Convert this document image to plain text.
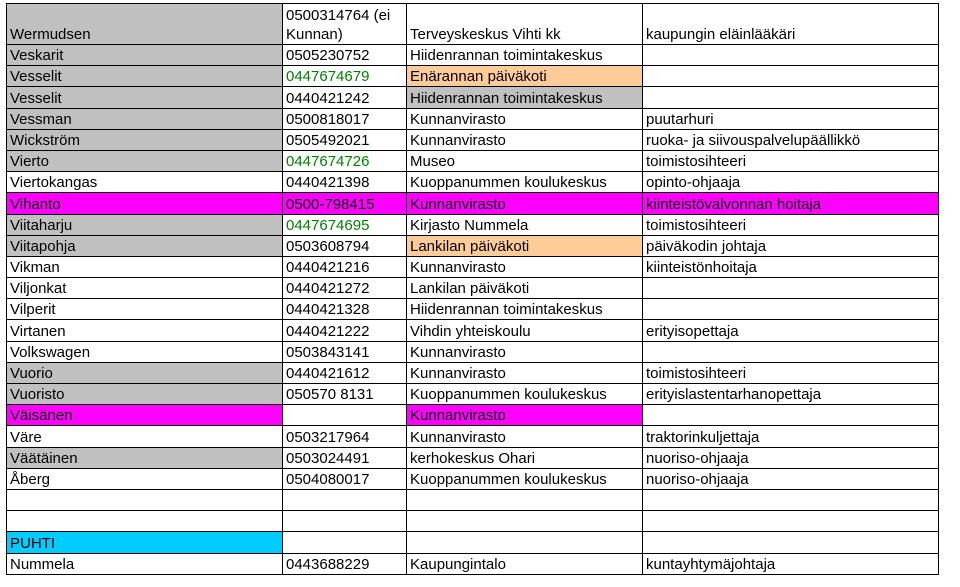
Wermudsen	0500314764 (ei Kunnan)	Terveyskeskus Vihti kk	kaupungin eläinlääkäri
Veskarit	0505230752	Hiidenrannan toimintakeskus	
Vesselit	0447674679	Enärannan päiväkoti	
Vesselit	0440421242	Hiidenrannan toimintakeskus	
Vessman	0500818017	Kunnanvirasto	puutarhuri
Wickström	0505492021	Kunnanvirasto	ruoka- ja siivouspalvelupäällikkö
Vierto	0447674726	Museo	toimistosihteeri
Viertokangas	0440421398	Kuoppanummen koulukeskus	opinto-ohjaaja
Vihanto	0500-798415	Kunnanvirasto	kiinteistövalvonnan hoitaja
Viitaharju	0447674695	Kirjasto Nummela	toimistosihteeri
Viitapohja	0503608794	Lankilan päiväkoti	päiväkodin johtaja
Vikman	0440421216	Kunnanvirasto	kiinteistönhoitaja
Viljonkat	0440421272	Lankilan päiväkoti	
Vilperit	0440421328	Hiidenrannan toimintakeskus	
Virtanen	0440421222	Vihdin yhteiskoulu	erityisopettaja
Volkswagen	0503843141	Kunnanvirasto	
Vuorio	0440421612	Kunnanvirasto	toimistosihteeri
Vuoristo	050570 8131	Kuoppanummen koulukeskus	erityislastentarhanopettaja
Väisänen		Kunnanvirasto	
Väre	0503217964	Kunnanvirasto	traktorinkuljettaja
Väätäinen	0503024491	kerhokeskus Ohari	nuoriso-ohjaaja
Åberg	0504080017	Kuoppanummen koulukeskus	nuoriso-ohjaaja

PUHTI			
Nummela	0443688229	Kaupungintalo	kuntayhtymäjohtaja
